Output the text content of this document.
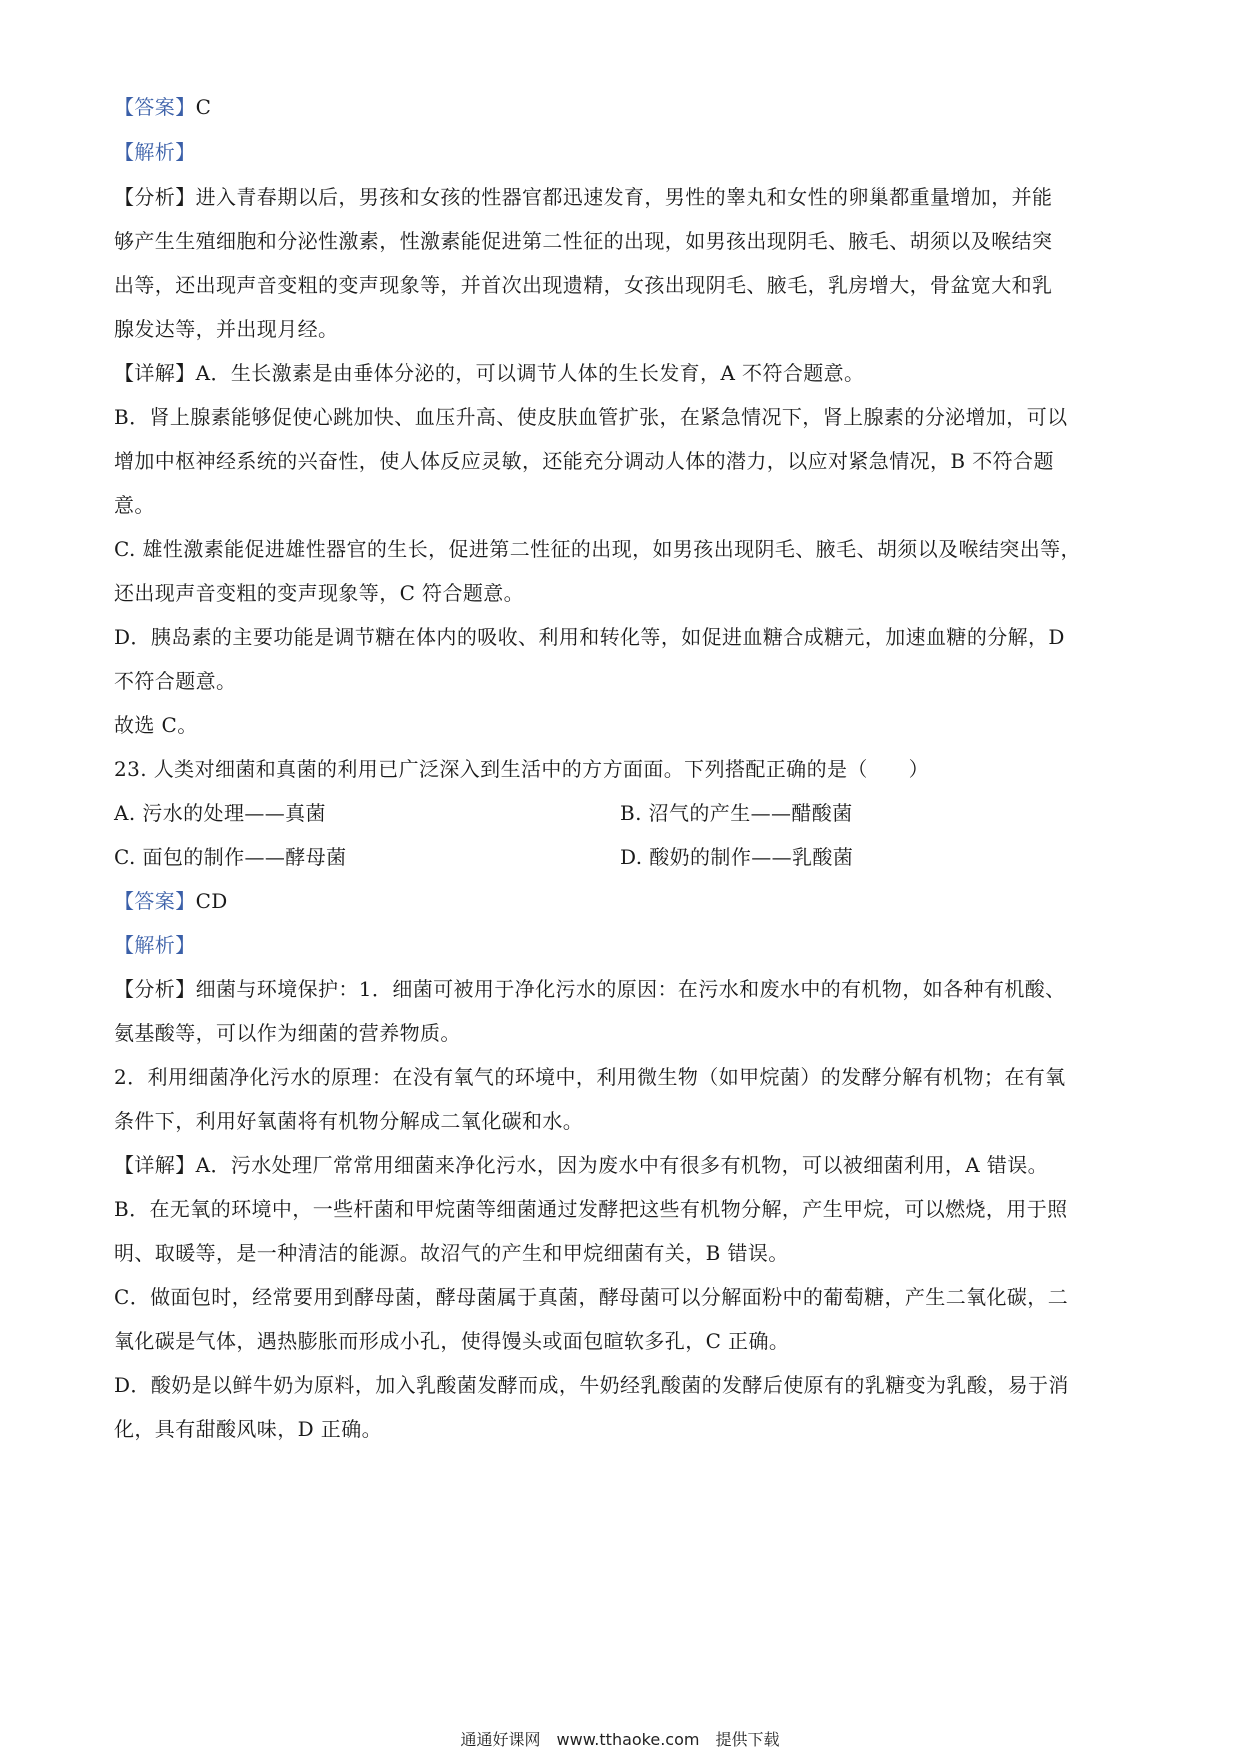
【答案】C
【解析】
【分析】进入青春期以后，男孩和女孩的性器官都迅速发育，男性的睾丸和女性的卵巢都重量增加，并能
够产生生殖细胞和分泌性激素，性激素能促进第二性征的出现，如男孩出现阴毛、腋毛、胡须以及喉结突
出等，还出现声音变粗的变声现象等，并首次出现遗精，女孩出现阴毛、腋毛，乳房增大，骨盆宽大和乳
腺发达等，并出现月经。
【详解】A．生长激素是由垂体分泌的，可以调节人体的生长发育，A 不符合题意。
B．肾上腺素能够促使心跳加快、血压升高、使皮肤血管扩张，在紧急情况下，肾上腺素的分泌增加，可以
增加中枢神经系统的兴奋性，使人体反应灵敏，还能充分调动人体的潜力，以应对紧急情况，B 不符合题
意。
C. 雄性激素能促进雄性器官的生长，促进第二性征的出现，如男孩出现阴毛、腋毛、胡须以及喉结突出等，
还出现声音变粗的变声现象等，C 符合题意。
D．胰岛素的主要功能是调节糖在体内的吸收、利用和转化等，如促进血糖合成糖元，加速血糖的分解，D
不符合题意。
故选 C。
23. 人类对细菌和真菌的利用已广泛深入到生活中的方方面面。下列搭配正确的是（　　）
A. 污水的处理——真菌	B. 沼气的产生——醋酸菌
C. 面包的制作——酵母菌	D. 酸奶的制作——乳酸菌
【答案】CD
【解析】
【分析】细菌与环境保护：1．细菌可被用于净化污水的原因：在污水和废水中的有机物，如各种有机酸、
氨基酸等，可以作为细菌的营养物质。
2．利用细菌净化污水的原理：在没有氧气的环境中，利用微生物（如甲烷菌）的发酵分解有机物；在有氧
条件下，利用好氧菌将有机物分解成二氧化碳和水。
【详解】A．污水处理厂常常用细菌来净化污水，因为废水中有很多有机物，可以被细菌利用，A 错误。
B．在无氧的环境中，一些杆菌和甲烷菌等细菌通过发酵把这些有机物分解，产生甲烷，可以燃烧，用于照
明、取暖等，是一种清洁的能源。故沼气的产生和甲烷细菌有关，B 错误。
C．做面包时，经常要用到酵母菌，酵母菌属于真菌，酵母菌可以分解面粉中的葡萄糖，产生二氧化碳，二
氧化碳是气体，遇热膨胀而形成小孔，使得馒头或面包暄软多孔，C 正确。
D．酸奶是以鲜牛奶为原料，加入乳酸菌发酵而成，牛奶经乳酸菌的发酵后使原有的乳糖变为乳酸，易于消
化，具有甜酸风味，D 正确。
通通好课网　www.tthaoke.com　提供下载
